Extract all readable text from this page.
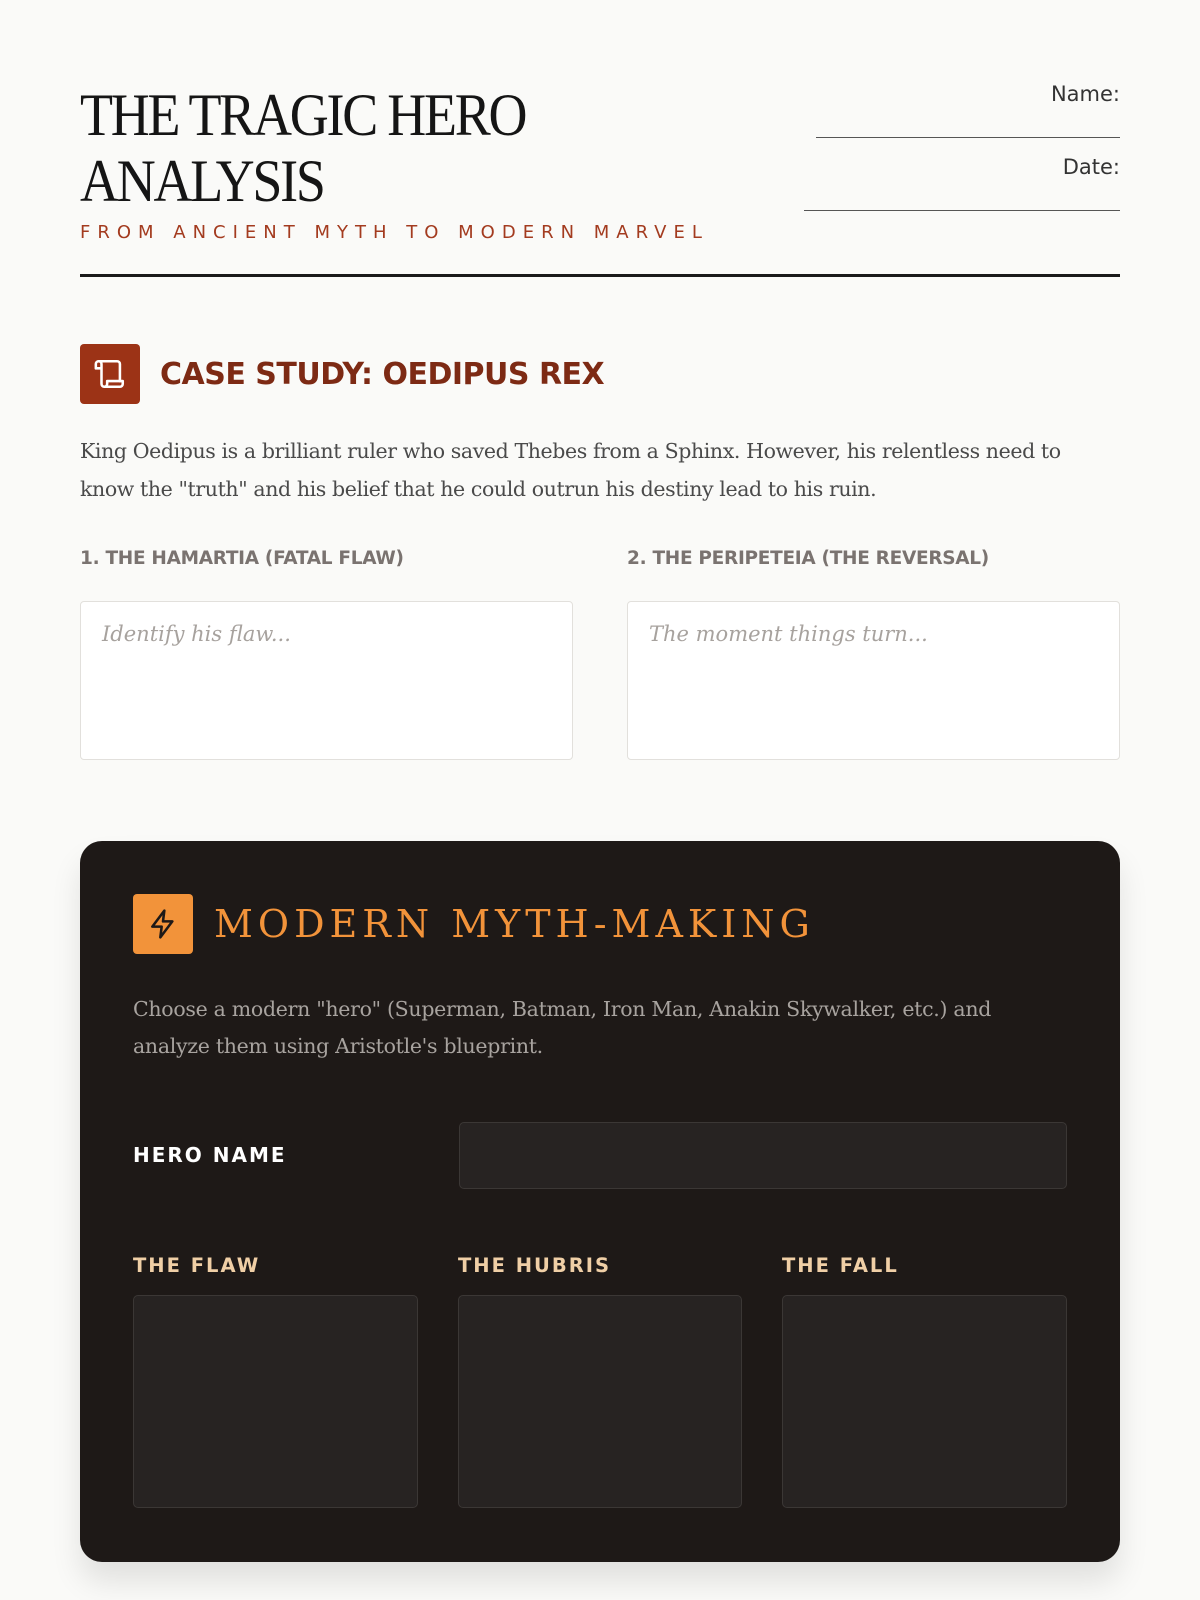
THE TRAGIC HERO
ANALYSIS
FROM ANCIENT MYTH TO MODERN MARVEL
Name:
Date:
CASE STUDY: OEDIPUS REX

King Oedipus is a brilliant ruler who saved Thebes from a Sphinx. However, his relentless need to know the "truth" and his belief that he could outrun his destiny lead to his ruin.

1. THE HAMARTIA (FATAL FLAW)	2. THE PERIPETEIA (THE REVERSAL)
Identify his flaw...
The moment things turn...
MODERN MYTH-MAKING

Choose a modern "hero" (Superman, Batman, Iron Man, Anakin Skywalker, etc.) and analyze them using Aristotle's blueprint.

HERO NAME
THE FLAW	THE HUBRIS	THE FALL
